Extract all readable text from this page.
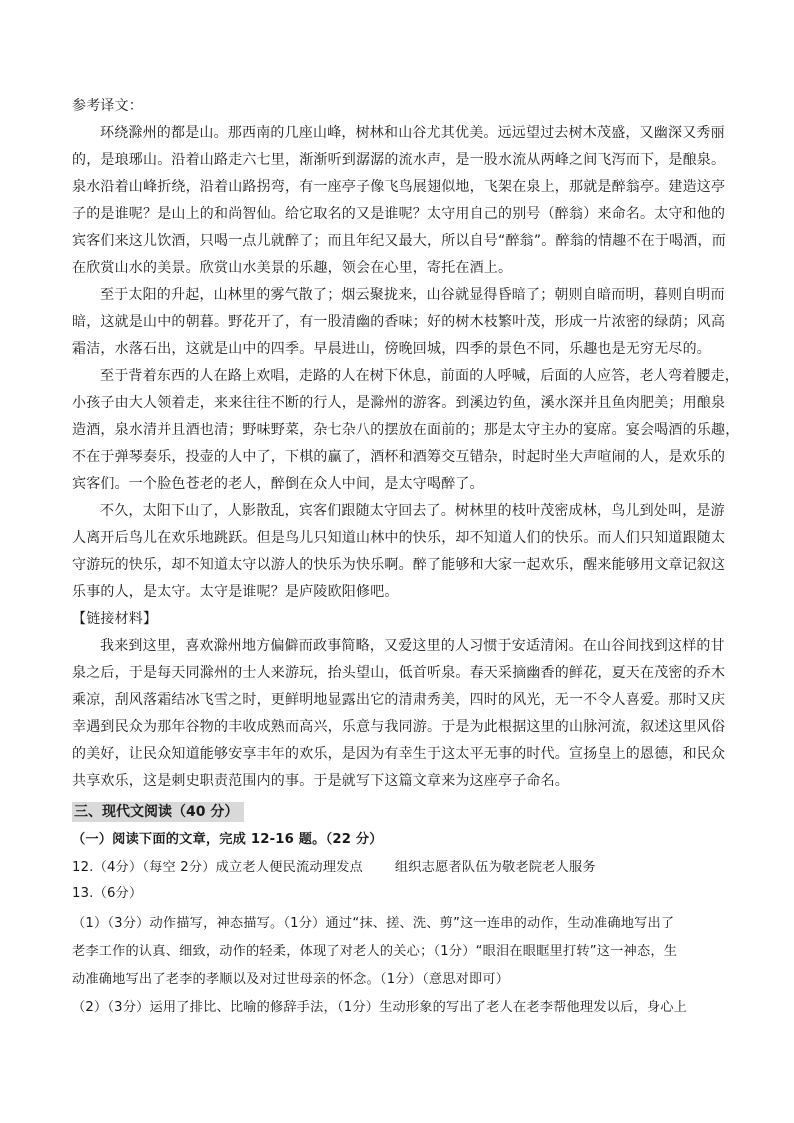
参考译文：
环绕滁州的都是山。那西南的几座山峰，树林和山谷尤其优美。远远望过去树木茂盛，又幽深又秀丽
的，是琅琊山。沿着山路走六七里，渐渐听到潺潺的流水声，是一股水流从两峰之间飞泻而下，是酿泉。
泉水沿着山峰折绕，沿着山路拐弯，有一座亭子像飞鸟展翅似地，飞架在泉上，那就是醉翁亭。建造这亭
子的是谁呢？是山上的和尚智仙。给它取名的又是谁呢？太守用自己的别号（醉翁）来命名。太守和他的
宾客们来这儿饮酒，只喝一点儿就醉了；而且年纪又最大，所以自号“醉翁”。醉翁的情趣不在于喝酒，而
在欣赏山水的美景。欣赏山水美景的乐趣，领会在心里，寄托在酒上。
至于太阳的升起，山林里的雾气散了；烟云聚拢来，山谷就显得昏暗了；朝则自暗而明，暮则自明而
暗，这就是山中的朝暮。野花开了，有一股清幽的香味；好的树木枝繁叶茂，形成一片浓密的绿荫；风高
霜洁，水落石出，这就是山中的四季。早晨进山，傍晚回城，四季的景色不同，乐趣也是无穷无尽的。
至于背着东西的人在路上欢唱，走路的人在树下休息，前面的人呼喊，后面的人应答，老人弯着腰走，
小孩子由大人领着走，来来往往不断的行人，是滁州的游客。到溪边钓鱼，溪水深并且鱼肉肥美；用酿泉
造酒，泉水清并且酒也清；野味野菜，杂七杂八的摆放在面前的；那是太守主办的宴席。宴会喝酒的乐趣，
不在于弹琴奏乐，投壶的人中了，下棋的赢了，酒杯和酒筹交互错杂，时起时坐大声喧闹的人，是欢乐的
宾客们。一个脸色苍老的老人，醉倒在众人中间，是太守喝醉了。
不久，太阳下山了，人影散乱，宾客们跟随太守回去了。树林里的枝叶茂密成林，鸟儿到处叫，是游
人离开后鸟儿在欢乐地跳跃。但是鸟儿只知道山林中的快乐，却不知道人们的快乐。而人们只知道跟随太
守游玩的快乐，却不知道太守以游人的快乐为快乐啊。醉了能够和大家一起欢乐，醒来能够用文章记叙这
乐事的人，是太守。太守是谁呢？是庐陵欧阳修吧。
【链接材料】
我来到这里，喜欢滁州地方偏僻而政事简略，又爱这里的人习惯于安适清闲。在山谷间找到这样的甘
泉之后，于是每天同滁州的士人来游玩，抬头望山，低首听泉。春天采摘幽香的鲜花，夏天在茂密的乔木
乘凉，刮风落霜结冰飞雪之时，更鲜明地显露出它的清肃秀美，四时的风光，无一不令人喜爱。那时又庆
幸遇到民众为那年谷物的丰收成熟而高兴，乐意与我同游。于是为此根据这里的山脉河流，叙述这里风俗
的美好，让民众知道能够安享丰年的欢乐，是因为有幸生于这太平无事的时代。宣扬皇上的恩德，和民众
共享欢乐，这是刺史职责范围内的事。于是就写下这篇文章来为这座亭子命名。
三、现代文阅读（40 分）
（一）阅读下面的文章，完成 12-16 题。（22 分）
12.（4分）（每空 2分）成立老人便民流动理发点 组织志愿者队伍为敬老院老人服务
13.（6分）
（1）（3分）动作描写，神态描写。（1分）通过“抹、搓、洗、剪”这一连串的动作，生动准确地写出了
老李工作的认真、细致，动作的轻柔，体现了对老人的关心；（1分）“眼泪在眼眶里打转”这一神态，生
动准确地写出了老李的孝顺以及对过世母亲的怀念。（1分）（意思对即可）
（2）（3分）运用了排比、比喻的修辞手法，（1分）生动形象的写出了老人在老李帮他理发以后，身心上
